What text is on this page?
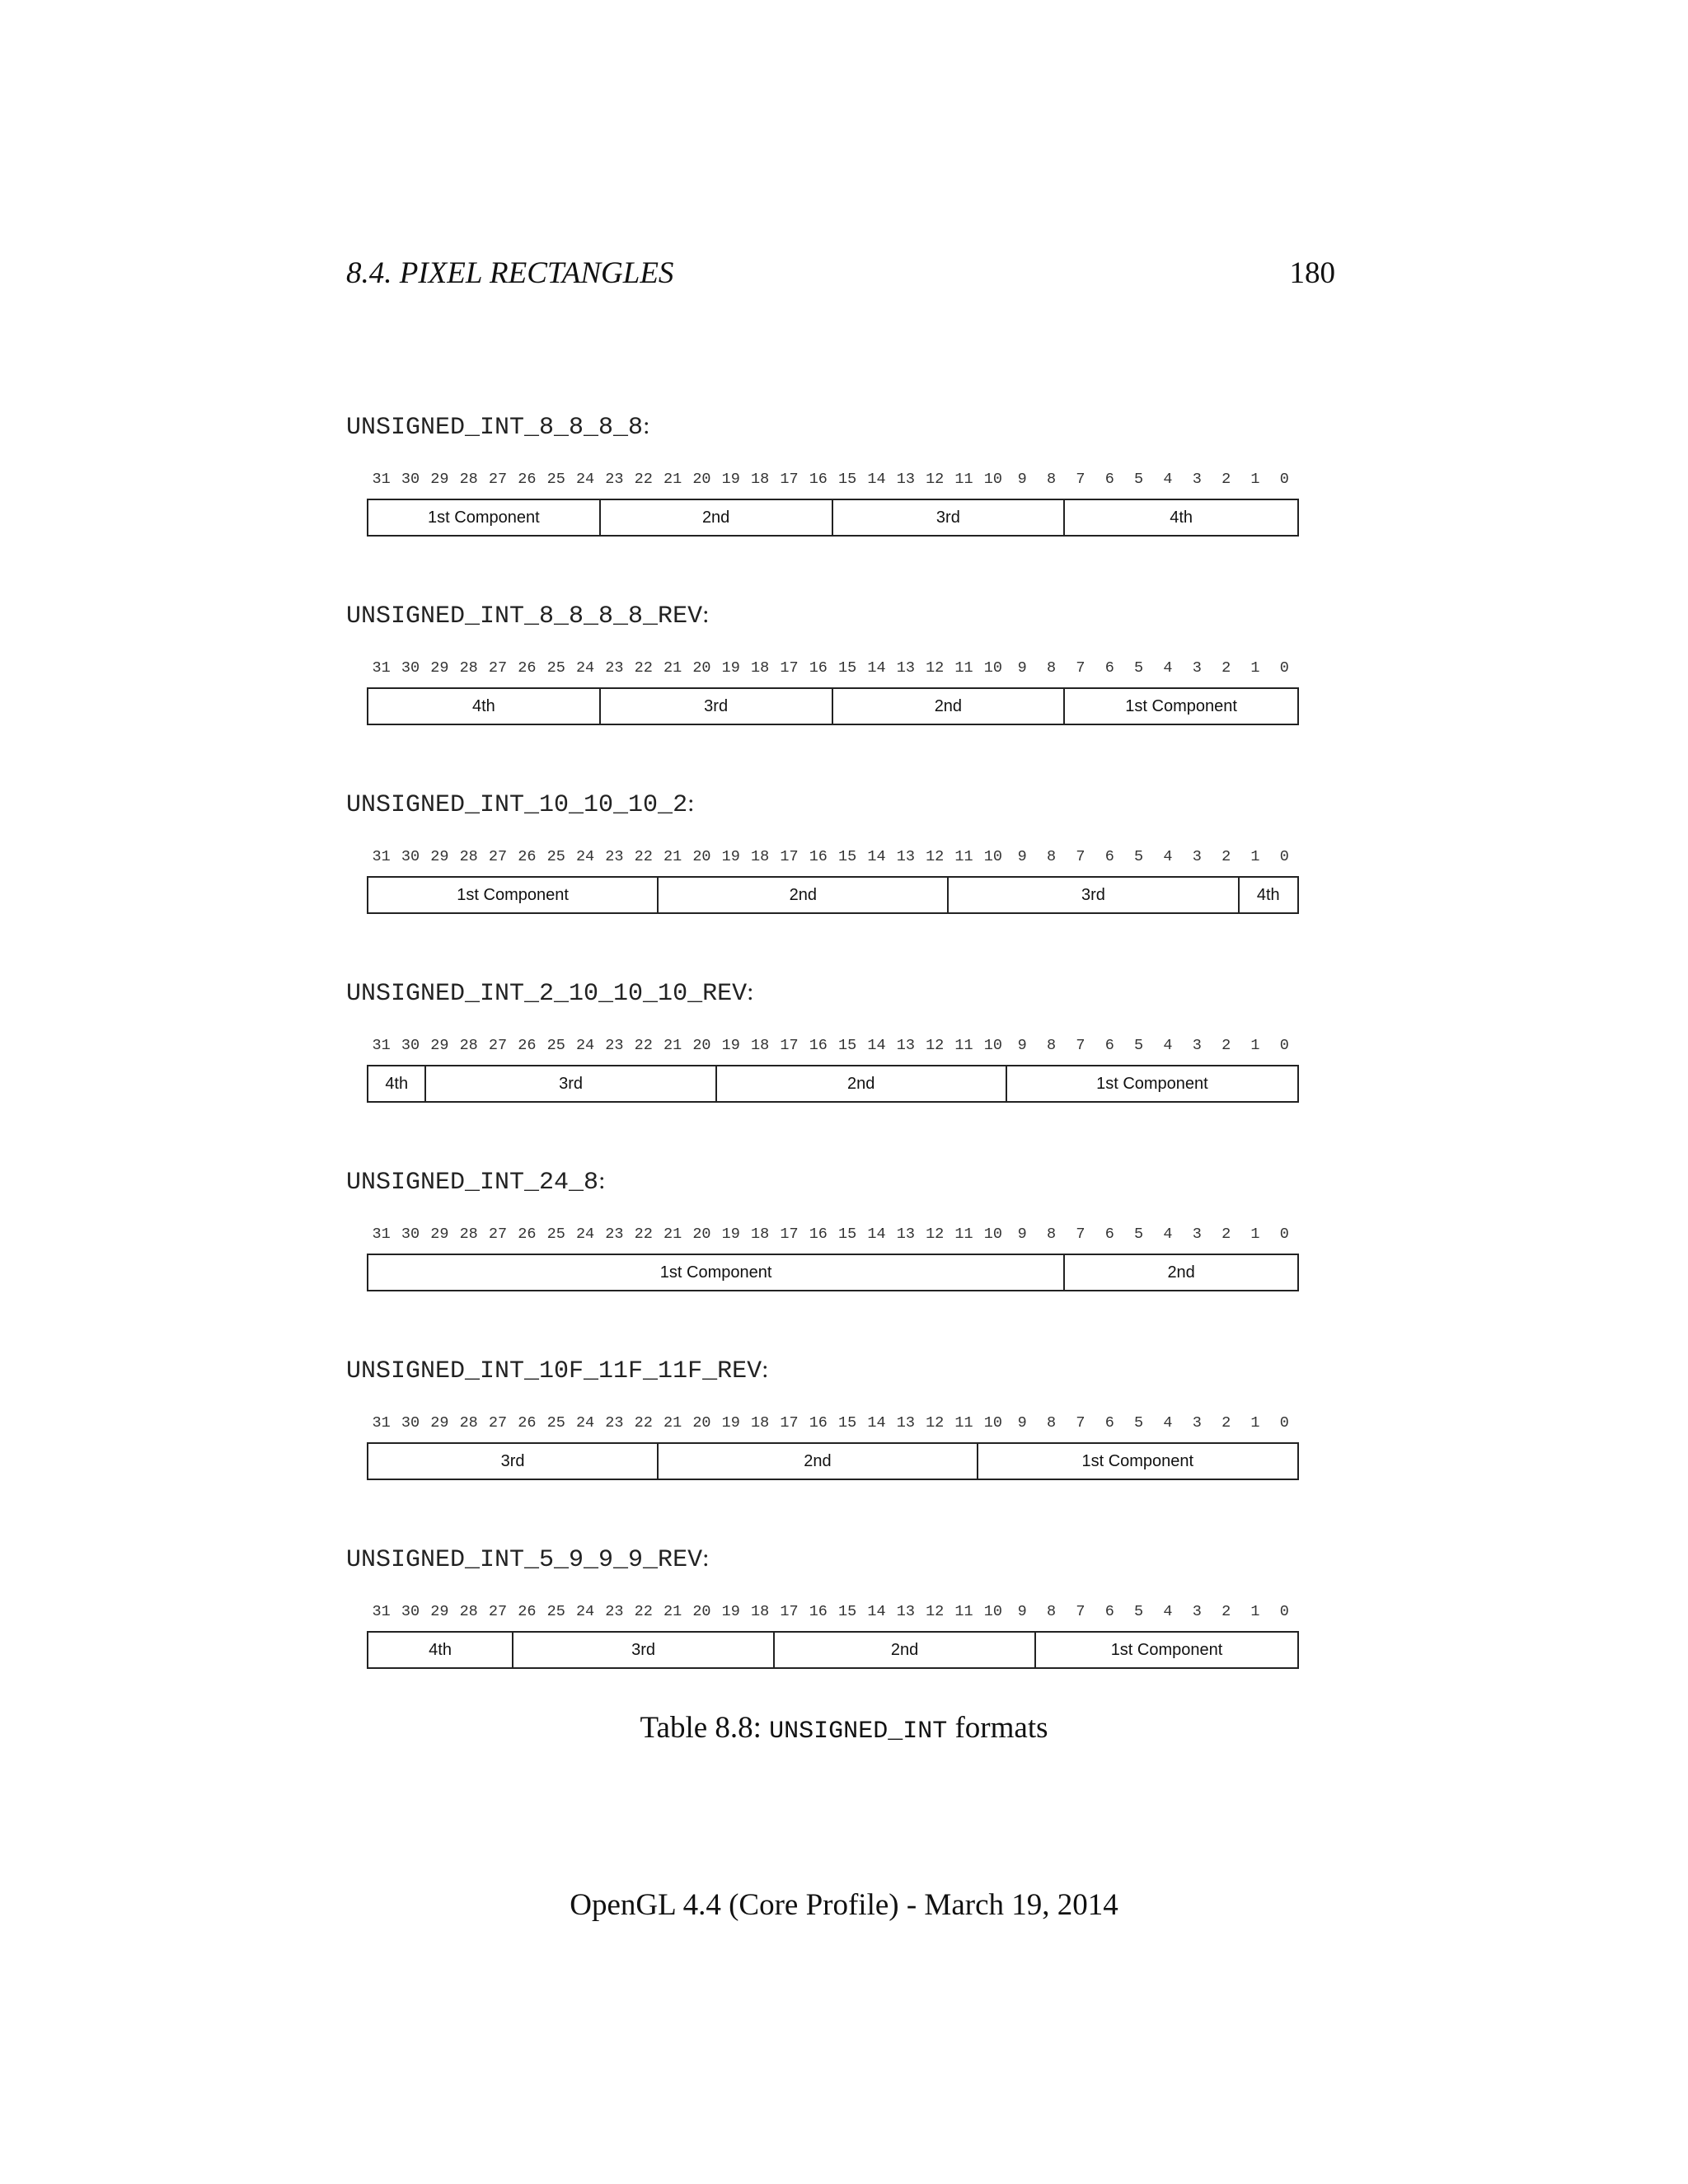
8.4. PIXEL RECTANGLES	180
UNSIGNED_INT_8_8_8_8:
31 30 29 28 27 26 25 24 23 22 21 20 19 18 17 16 15 14 13 12 11 10	9	8	7	6	5	4	3	2	1	0
1st Component	2nd	3rd	4th
UNSIGNED_INT_8_8_8_8_REV:
31 30 29 28 27 26 25 24 23 22 21 20 19 18 17 16 15 14 13 12 11 10	9	8	7	6	5	4	3	2	1	0
4th	3rd	2nd	1st Component
UNSIGNED_INT_10_10_10_2:
31 30 29 28 27 26 25 24 23 22 21 20 19 18 17 16 15 14 13 12 11 10	9	8	7	6	5	4	3	2	1	0
1st Component	2nd	3rd	4th
UNSIGNED_INT_2_10_10_10_REV:
31 30 29 28 27 26 25 24 23 22 21 20 19 18 17 16 15 14 13 12 11 10	9	8	7	6	5	4	3	2	1	0
4th	3rd	2nd	1st Component
UNSIGNED_INT_24_8:
31 30 29 28 27 26 25 24 23 22 21 20 19 18 17 16 15 14 13 12 11 10	9	8	7	6	5	4	3	2	1	0
1st Component	2nd
UNSIGNED_INT_10F_11F_11F_REV:
31 30 29 28 27 26 25 24 23 22 21 20 19 18 17 16 15 14 13 12 11 10	9	8	7	6	5	4	3	2	1	0
3rd	2nd	1st Component
UNSIGNED_INT_5_9_9_9_REV:
31 30 29 28 27 26 25 24 23 22 21 20 19 18 17 16 15 14 13 12 11 10	9	8	7	6	5	4	3	2	1	0
4th	3rd	2nd	1st Component
Table 8.8: UNSIGNED_INT formats
OpenGL 4.4 (Core Profile) - March 19, 2014
